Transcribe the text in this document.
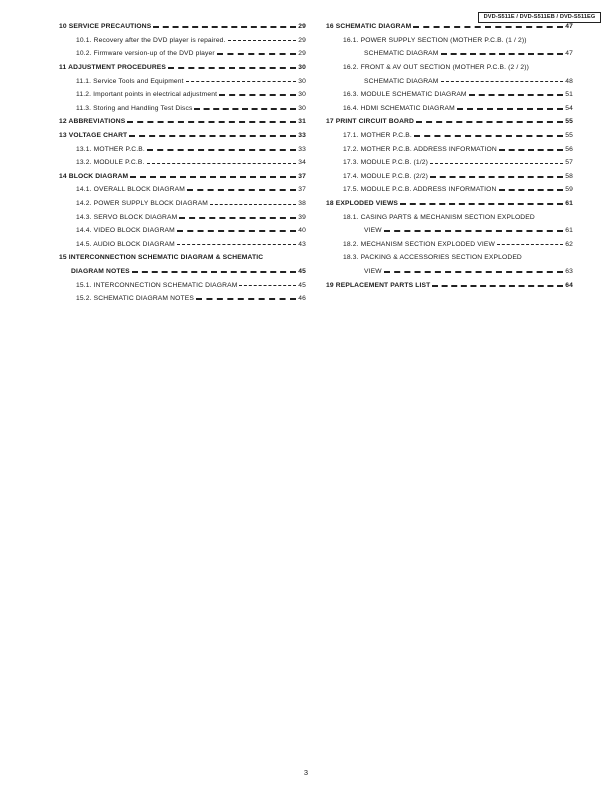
DVD-S511E / DVD-S511EB / DVD-S511EG
10 SERVICE PRECAUTIONS	29
10.1. Recovery after the DVD player is repaired.	29
10.2. Firmware version-up of the DVD player	29
11 ADJUSTMENT PROCEDURES	30
11.1. Service Tools and Equipment	30
11.2. Important points in electrical adjustment	30
11.3. Storing and Handling Test Discs	30
12 ABBREVIATIONS	31
13 VOLTAGE CHART	33
13.1. MOTHER P.C.B.	33
13.2. MODULE P.C.B.	34
14 BLOCK DIAGRAM	37
14.1. OVERALL BLOCK DIAGRAM	37
14.2. POWER SUPPLY BLOCK DIAGRAM	38
14.3. SERVO BLOCK DIAGRAM	39
14.4. VIDEO BLOCK DIAGRAM	40
14.5. AUDIO BLOCK DIAGRAM	43
15 INTERCONNECTION SCHEMATIC DIAGRAM & SCHEMATIC
DIAGRAM NOTES	45
15.1. INTERCONNECTION SCHEMATIC DIAGRAM	45
15.2. SCHEMATIC DIAGRAM NOTES	46
16 SCHEMATIC DIAGRAM	47
16.1. POWER SUPPLY SECTION (MOTHER P.C.B. (1 / 2))
SCHEMATIC DIAGRAM	47
16.2. FRONT & AV OUT SECTION (MOTHER P.C.B. (2 / 2))
SCHEMATIC DIAGRAM	48
16.3. MODULE SCHEMATIC DIAGRAM	51
16.4. HDMI SCHEMATIC DIAGRAM	54
17 PRINT CIRCUIT BOARD	55
17.1. MOTHER P.C.B.	55
17.2. MOTHER P.C.B. ADDRESS INFORMATION	56
17.3. MODULE P.C.B. (1/2)	57
17.4. MODULE P.C.B. (2/2)	58
17.5. MODULE P.C.B. ADDRESS INFORMATION	59
18 EXPLODED VIEWS	61
18.1. CASING PARTS & MECHANISM SECTION EXPLODED
VIEW	61
18.2. MECHANISM SECTION EXPLODED VIEW	62
18.3. PACKING & ACCESSORIES SECTION EXPLODED
VIEW	63
19 REPLACEMENT PARTS LIST	64
3
